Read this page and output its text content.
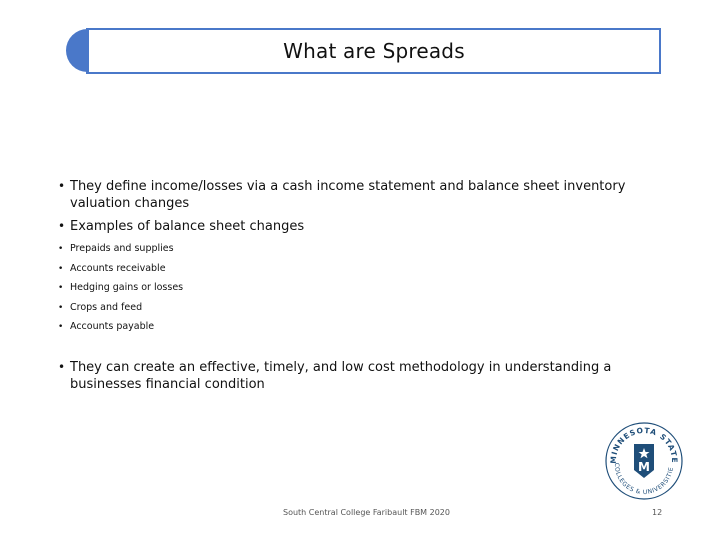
What are Spreads
• They define income/losses via a cash income statement and balance sheet inventory valuation changes
• Examples of balance sheet changes
• Prepaids and supplies
• Accounts receivable
• Hedging gains or losses
• Crops and feed
• Accounts payable
• They can create an effective, timely, and low cost methodology in understanding a businesses financial condition
MINNESOTA STATE
COLLEGES & UNIVERSITIE
M
South Central College Faribault FBM 2020	12
